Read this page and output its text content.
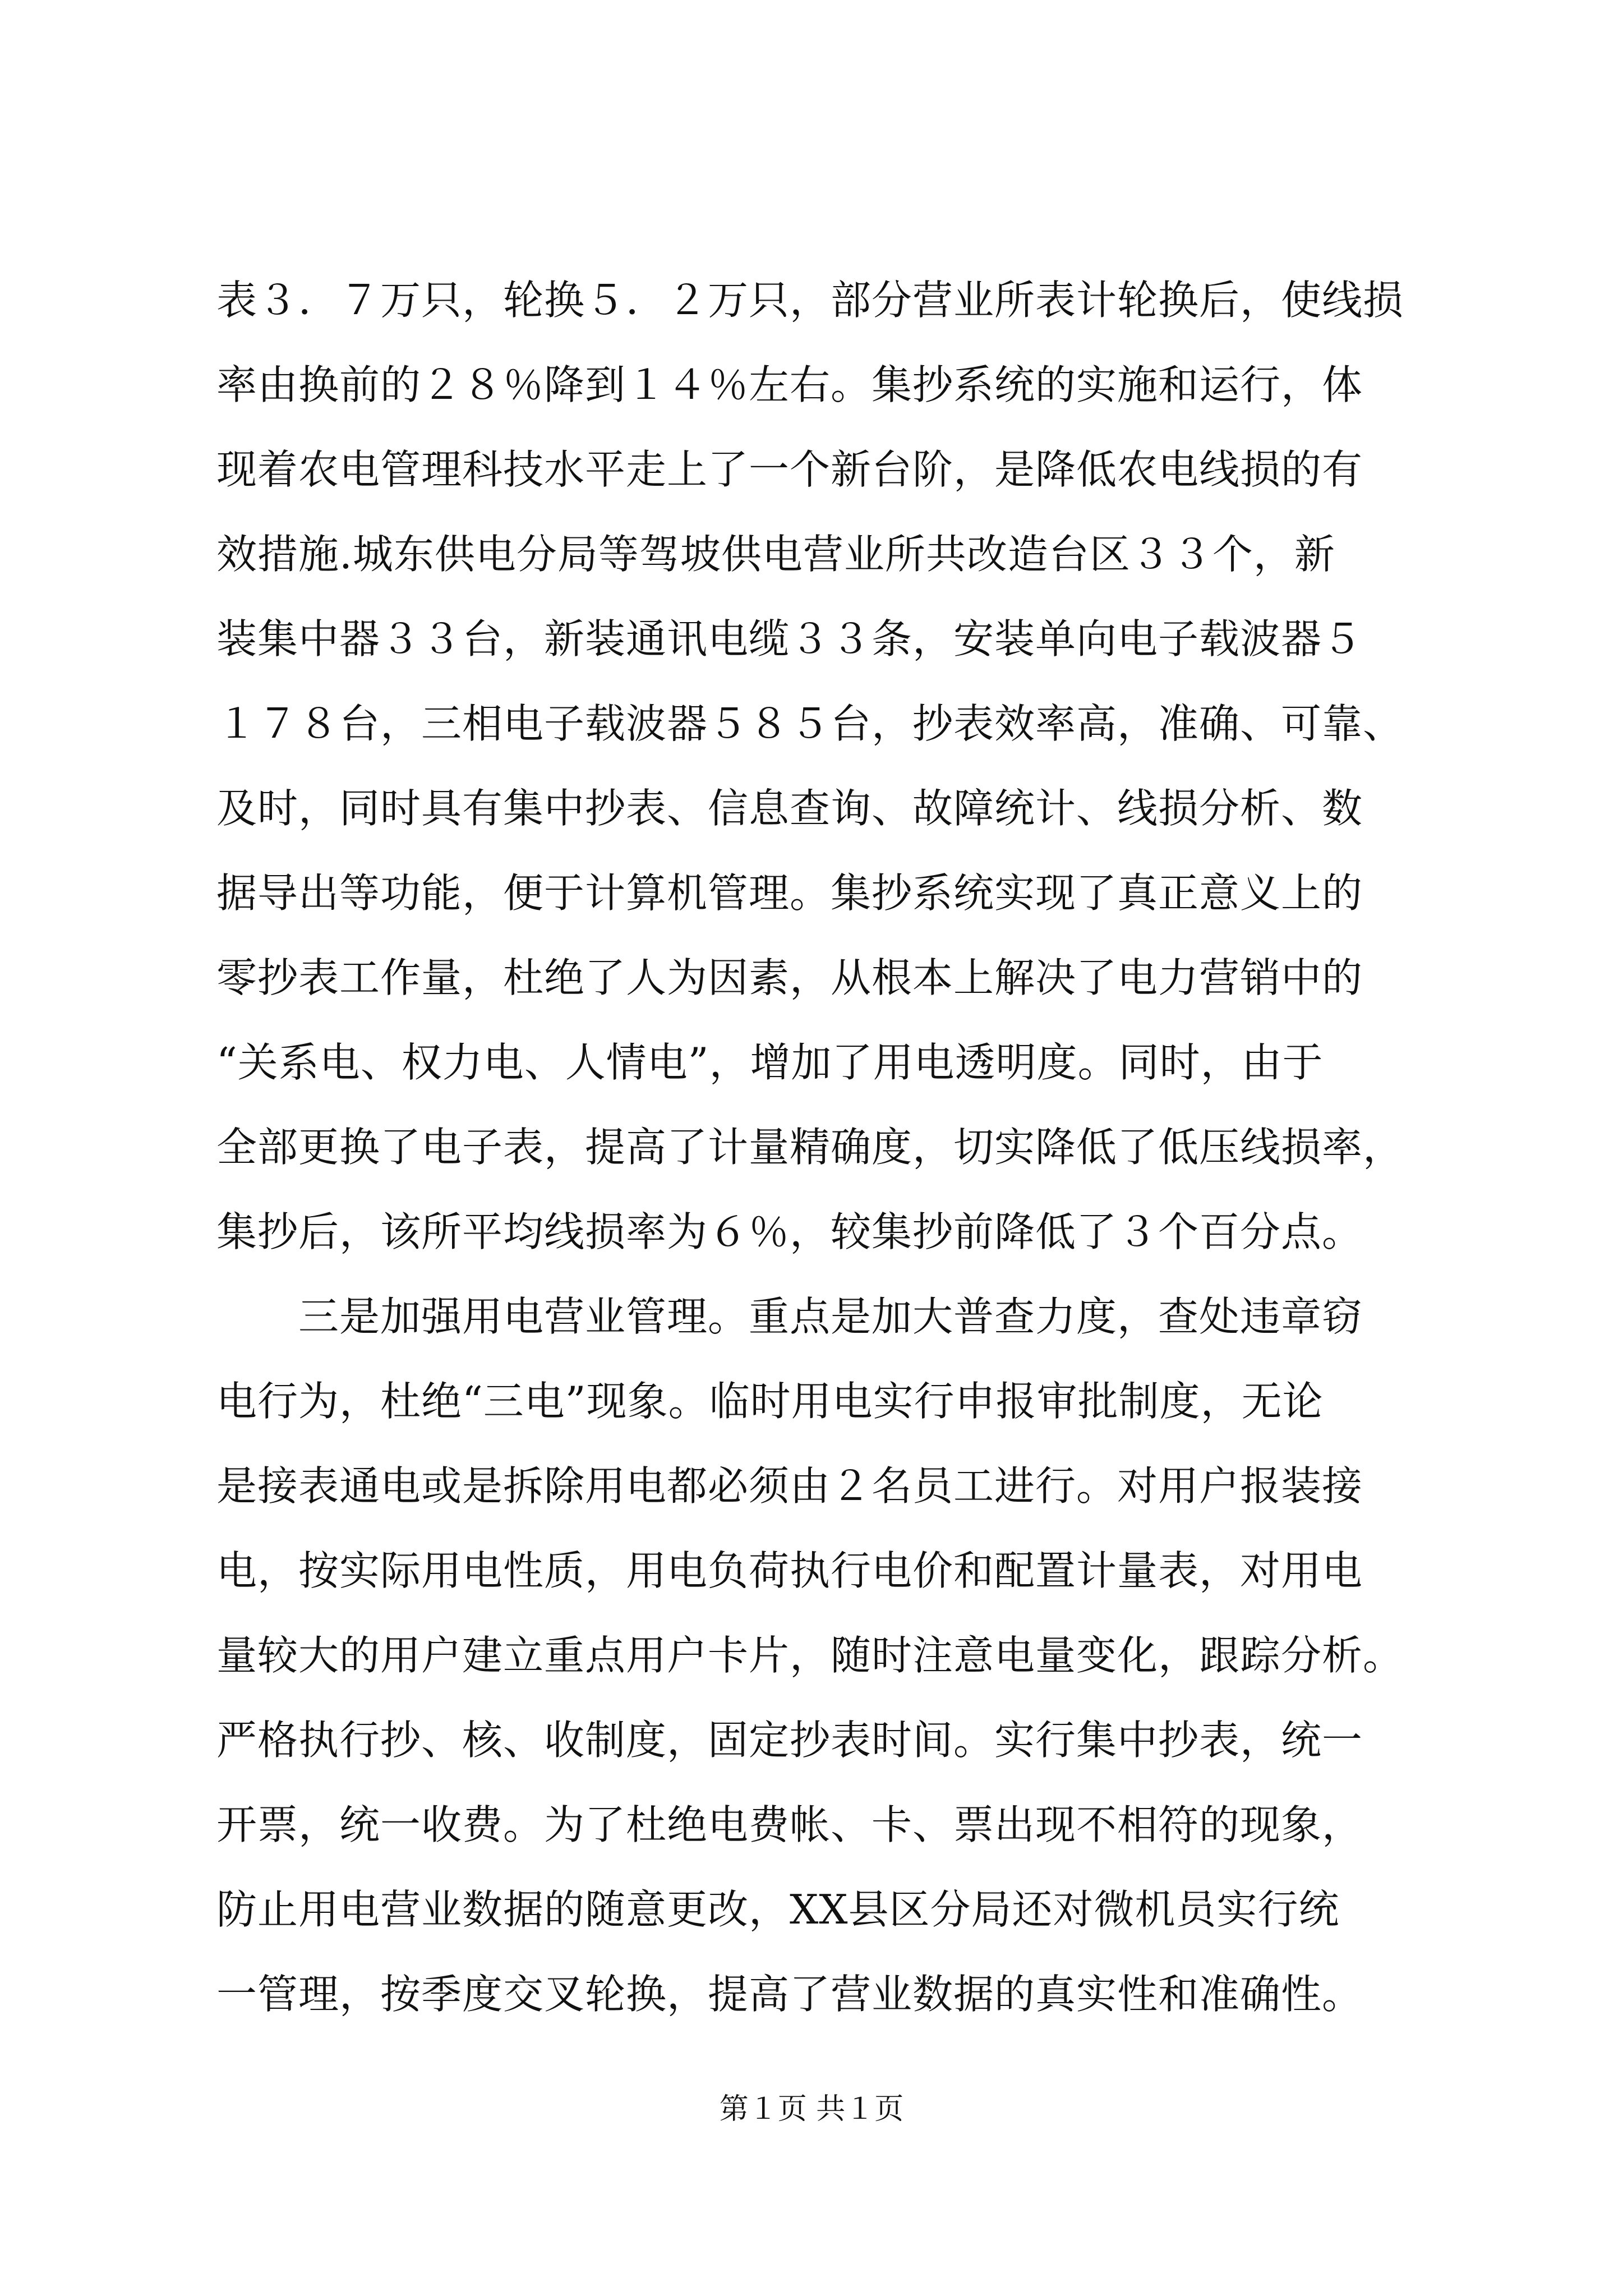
表３．７万只，轮换５．２万只，部分营业所表计轮换后，使线损
率由换前的２８％降到１４％左右。集抄系统的实施和运行，体
现着农电管理科技水平走上了一个新台阶，是降低农电线损的有
效措施.城东供电分局等驾坡供电营业所共改造台区３３个，新
装集中器３３台，新装通讯电缆３３条，安装单向电子载波器５
１７８台，三相电子载波器５８５台，抄表效率高，准确、可靠、
及时，同时具有集中抄表、信息查询、故障统计、线损分析、数
据导出等功能，便于计算机管理。集抄系统实现了真正意义上的
零抄表工作量，杜绝了人为因素，从根本上解决了电力营销中的
“关系电、权力电、人情电”，增加了用电透明度。同时，由于
全部更换了电子表，提高了计量精确度，切实降低了低压线损率，
集抄后，该所平均线损率为６％，较集抄前降低了３个百分点。
　　三是加强用电营业管理。重点是加大普查力度，查处违章窃
电行为，杜绝“三电”现象。临时用电实行申报审批制度，无论
是接表通电或是拆除用电都必须由２名员工进行。对用户报装接
电，按实际用电性质，用电负荷执行电价和配置计量表，对用电
量较大的用户建立重点用户卡片，随时注意电量变化，跟踪分析。
严格执行抄、核、收制度，固定抄表时间。实行集中抄表，统一
开票，统一收费。为了杜绝电费帐、卡、票出现不相符的现象，
防止用电营业数据的随意更改，XX县区分局还对微机员实行统
一管理，按季度交叉轮换，提高了营业数据的真实性和准确性。
第１页 共１页
